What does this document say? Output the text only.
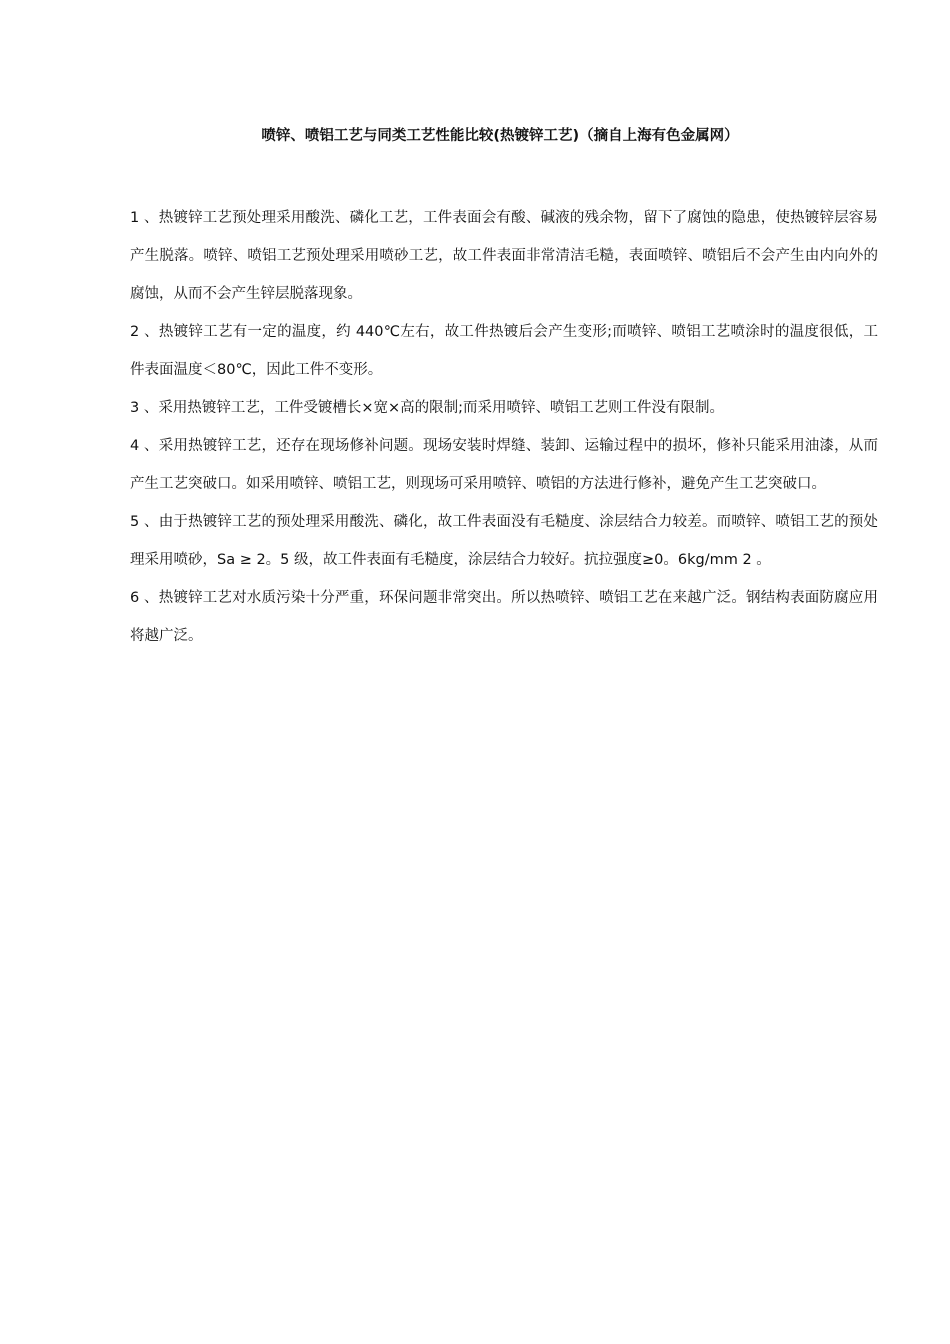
喷锌、喷铝工艺与同类工艺性能比较(热镀锌工艺)（摘自上海有色金属网）

1 、热镀锌工艺预处理采用酸洗、磷化工艺，工件表面会有酸、碱液的残余物，留下了腐蚀的隐患，使热镀锌层容易产生脱落。喷锌、喷铝工艺预处理采用喷砂工艺，故工件表面非常清洁毛糙，表面喷锌、喷铝后不会产生由内向外的腐蚀，从而不会产生锌层脱落现象。

2 、热镀锌工艺有一定的温度，约 440℃左右，故工件热镀后会产生变形;而喷锌、喷铝工艺喷涂时的温度很低，工件表面温度＜80℃，因此工件不变形。

3 、采用热镀锌工艺，工件受镀槽长×宽×高的限制;而采用喷锌、喷铝工艺则工件没有限制。

4 、采用热镀锌工艺，还存在现场修补问题。现场安装时焊缝、装卸、运输过程中的损坏，修补只能采用油漆，从而产生工艺突破口。如采用喷锌、喷铝工艺，则现场可采用喷锌、喷铝的方法进行修补，避免产生工艺突破口。

5 、由于热镀锌工艺的预处理采用酸洗、磷化，故工件表面没有毛糙度、涂层结合力较差。而喷锌、喷铝工艺的预处理采用喷砂，Sa ≥ 2。5 级，故工件表面有毛糙度，涂层结合力较好。抗拉强度≥0。6kg/mm 2 。

6 、热镀锌工艺对水质污染十分严重，环保问题非常突出。所以热喷锌、喷铝工艺在来越广泛。钢结构表面防腐应用将越广泛。
